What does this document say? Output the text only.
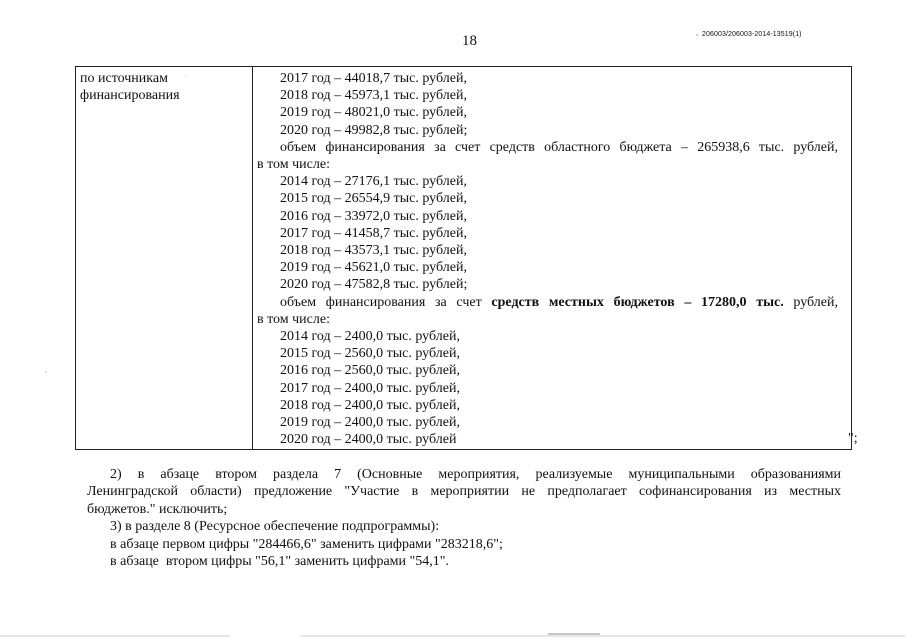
18	206003/206003-2014-13519(1)
по источникам
финансирования
2017 год – 44018,7 тыс. рублей,
2018 год – 45973,1 тыс. рублей,
2019 год – 48021,0 тыс. рублей,
2020 год – 49982,8 тыс. рублей;
объем финансирования за счет средств областного бюджета – 265938,6 тыс. рублей,
в том числе:
2014 год – 27176,1 тыс. рублей,
2015 год – 26554,9 тыс. рублей,
2016 год – 33972,0 тыс. рублей,
2017 год – 41458,7 тыс. рублей,
2018 год – 43573,1 тыс. рублей,
2019 год – 45621,0 тыс. рублей,
2020 год – 47582,8 тыс. рублей;
объем финансирования за счет средств местных бюджетов – 17280,0 тыс. рублей,
в том числе:
2014 год – 2400,0 тыс. рублей,
2015 год – 2560,0 тыс. рублей,
2016 год – 2560,0 тыс. рублей,
2017 год – 2400,0 тыс. рублей,
2018 год – 2400,0 тыс. рублей,
2019 год – 2400,0 тыс. рублей,
2020 год – 2400,0 тыс. рублей	";
2) в абзаце втором раздела 7 (Основные мероприятия, реализуемые муниципальными образованиями
Ленинградской области) предложение "Участие в мероприятии не предполагает софинансирования из местных
бюджетов." исключить;
3) в разделе 8 (Ресурсное обеспечение подпрограммы):
в абзаце первом цифры "284466,6" заменить цифрами "283218,6";
в абзаце  втором цифры "56,1" заменить цифрами "54,1".
